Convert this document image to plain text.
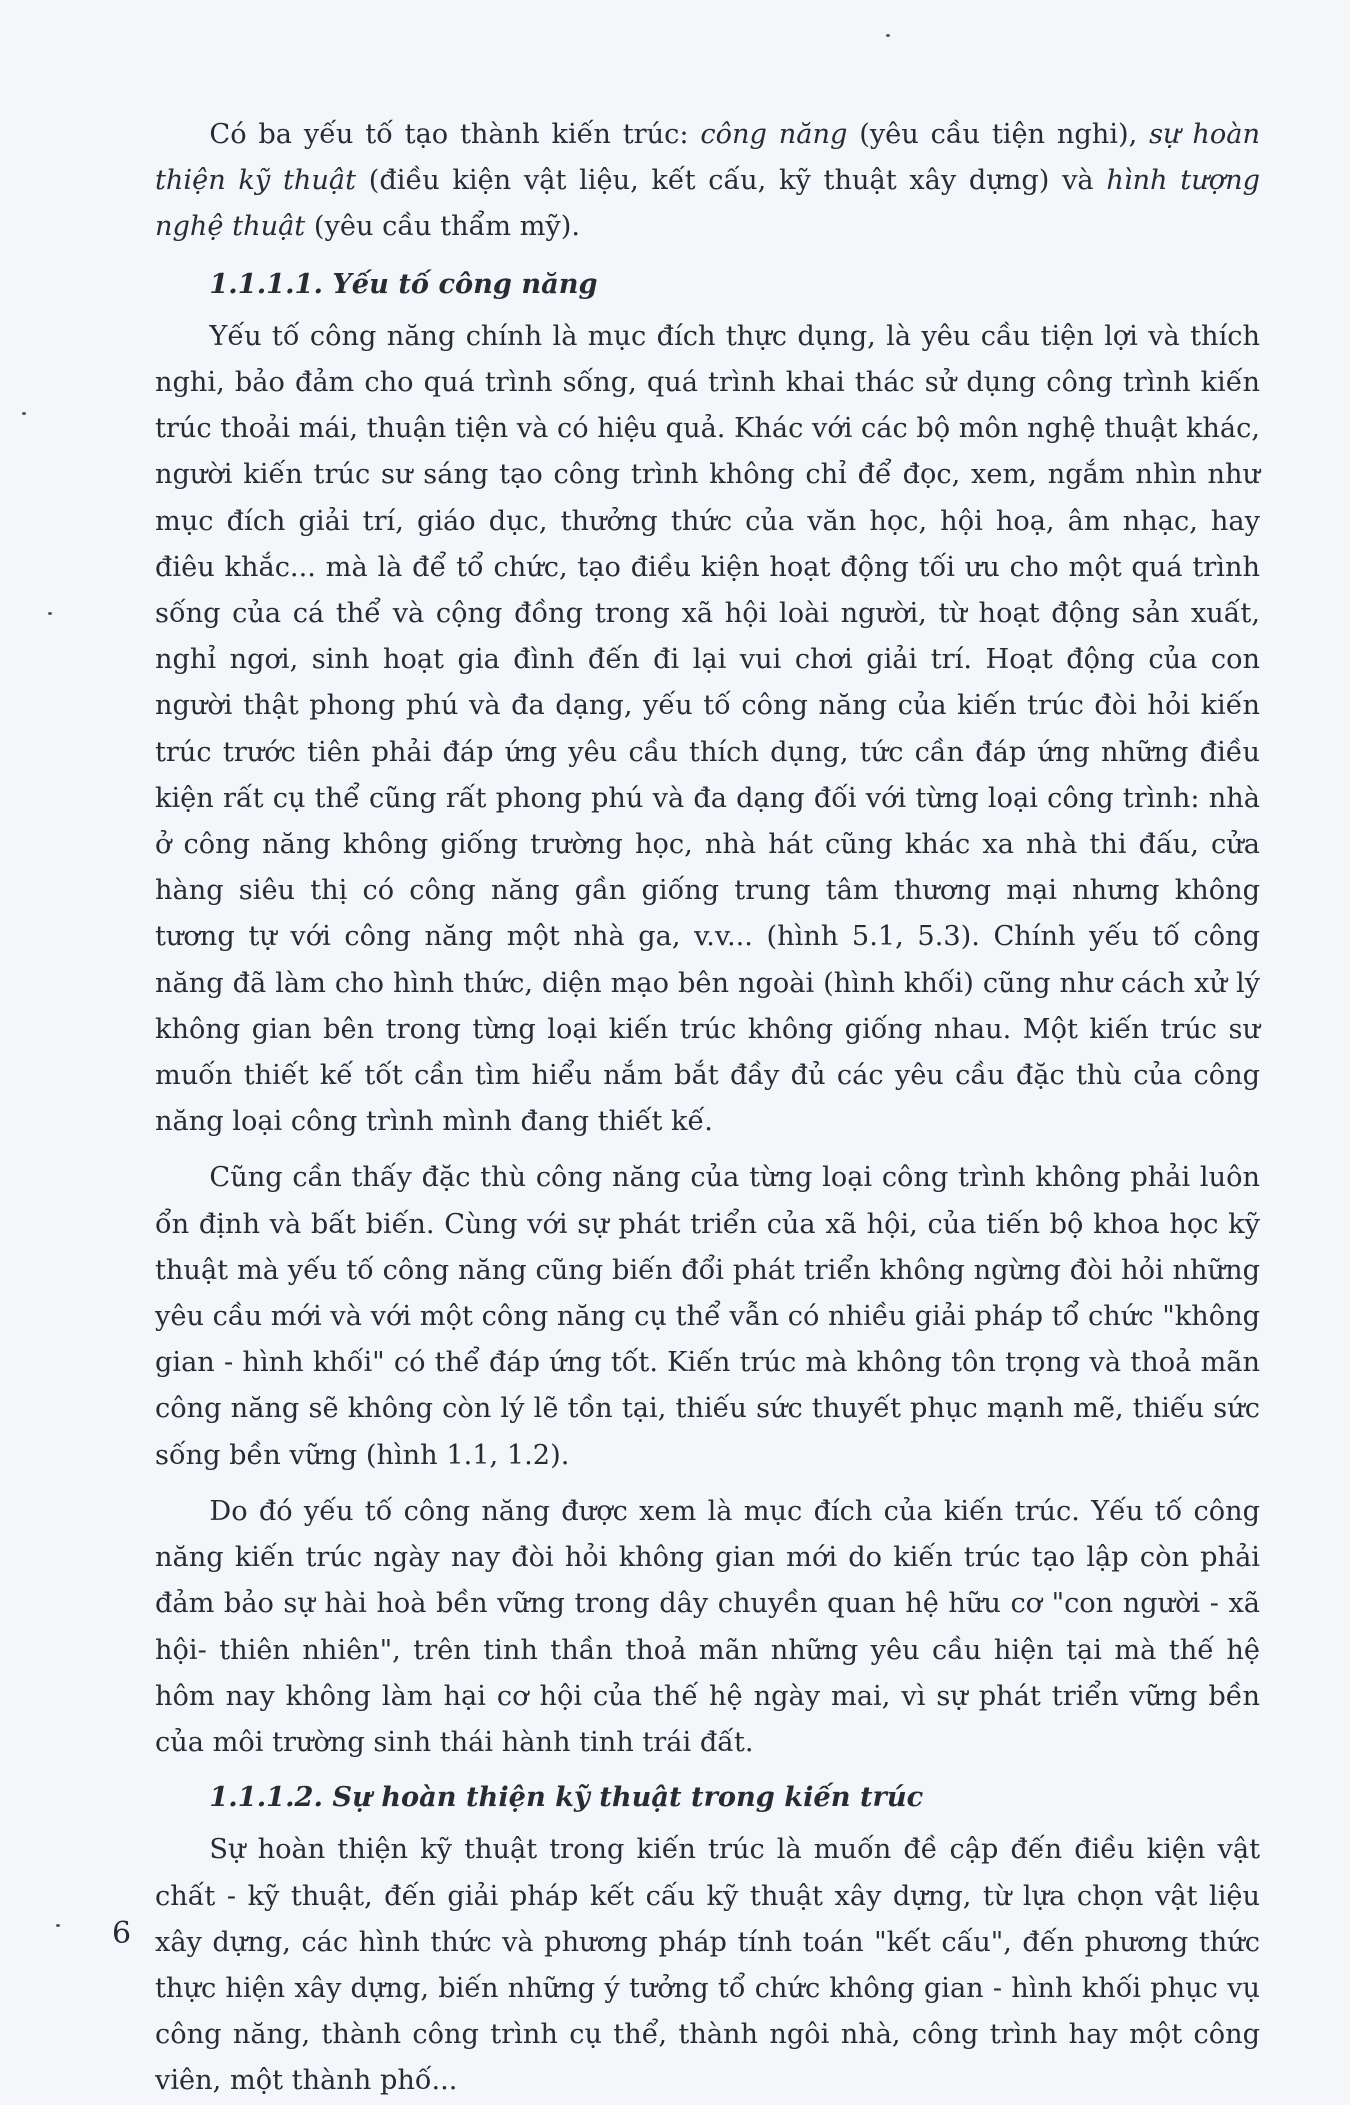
Có ba yếu tố tạo thành kiến trúc: công năng (yêu cầu tiện nghi), sự hoàn thiện kỹ thuật (điều kiện vật liệu, kết cấu, kỹ thuật xây dựng) và hình tượng nghệ thuật (yêu cầu thẩm mỹ).

1.1.1.1. Yếu tố công năng

Yếu tố công năng chính là mục đích thực dụng, là yêu cầu tiện lợi và thích nghi, bảo đảm cho quá trình sống, quá trình khai thác sử dụng công trình kiến trúc thoải mái, thuận tiện và có hiệu quả. Khác với các bộ môn nghệ thuật khác, người kiến trúc sư sáng tạo công trình không chỉ để đọc, xem, ngắm nhìn như mục đích giải trí, giáo dục, thưởng thức của văn học, hội hoạ, âm nhạc, hay điêu khắc... mà là để tổ chức, tạo điều kiện hoạt động tối ưu cho một quá trình sống của cá thể và cộng đồng trong xã hội loài người, từ hoạt động sản xuất, nghỉ ngơi, sinh hoạt gia đình đến đi lại vui chơi giải trí. Hoạt động của con người thật phong phú và đa dạng, yếu tố công năng của kiến trúc đòi hỏi kiến trúc trước tiên phải đáp ứng yêu cầu thích dụng, tức cần đáp ứng những điều kiện rất cụ thể cũng rất phong phú và đa dạng đối với từng loại công trình: nhà ở công năng không giống trường học, nhà hát cũng khác xa nhà thi đấu, cửa hàng siêu thị có công năng gần giống trung tâm thương mại nhưng không tương tự với công năng một nhà ga, v.v... (hình 5.1, 5.3). Chính yếu tố công năng đã làm cho hình thức, diện mạo bên ngoài (hình khối) cũng như cách xử lý không gian bên trong từng loại kiến trúc không giống nhau. Một kiến trúc sư muốn thiết kế tốt cần tìm hiểu nắm bắt đầy đủ các yêu cầu đặc thù của công năng loại công trình mình đang thiết kế.

Cũng cần thấy đặc thù công năng của từng loại công trình không phải luôn ổn định và bất biến. Cùng với sự phát triển của xã hội, của tiến bộ khoa học kỹ thuật mà yếu tố công năng cũng biến đổi phát triển không ngừng đòi hỏi những yêu cầu mới và với một công năng cụ thể vẫn có nhiều giải pháp tổ chức "không gian - hình khối" có thể đáp ứng tốt. Kiến trúc mà không tôn trọng và thoả mãn công năng sẽ không còn lý lẽ tồn tại, thiếu sức thuyết phục mạnh mẽ, thiếu sức sống bền vững (hình 1.1, 1.2).

Do đó yếu tố công năng được xem là mục đích của kiến trúc. Yếu tố công năng kiến trúc ngày nay đòi hỏi không gian mới do kiến trúc tạo lập còn phải đảm bảo sự hài hoà bền vững trong dây chuyền quan hệ hữu cơ "con người - xã hội- thiên nhiên", trên tinh thần thoả mãn những yêu cầu hiện tại mà thế hệ hôm nay không làm hại cơ hội của thế hệ ngày mai, vì sự phát triển vững bền của môi trường sinh thái hành tinh trái đất.

1.1.1.2. Sự hoàn thiện kỹ thuật trong kiến trúc

Sự hoàn thiện kỹ thuật trong kiến trúc là muốn đề cập đến điều kiện vật chất - kỹ thuật, đến giải pháp kết cấu kỹ thuật xây dựng, từ lựa chọn vật liệu xây dựng, các hình thức và phương pháp tính toán "kết cấu", đến phương thức thực hiện xây dựng, biến những ý tưởng tổ chức không gian - hình khối phục vụ công năng, thành công trình cụ thể, thành ngôi nhà, công trình hay một công viên, một thành phố...

6
